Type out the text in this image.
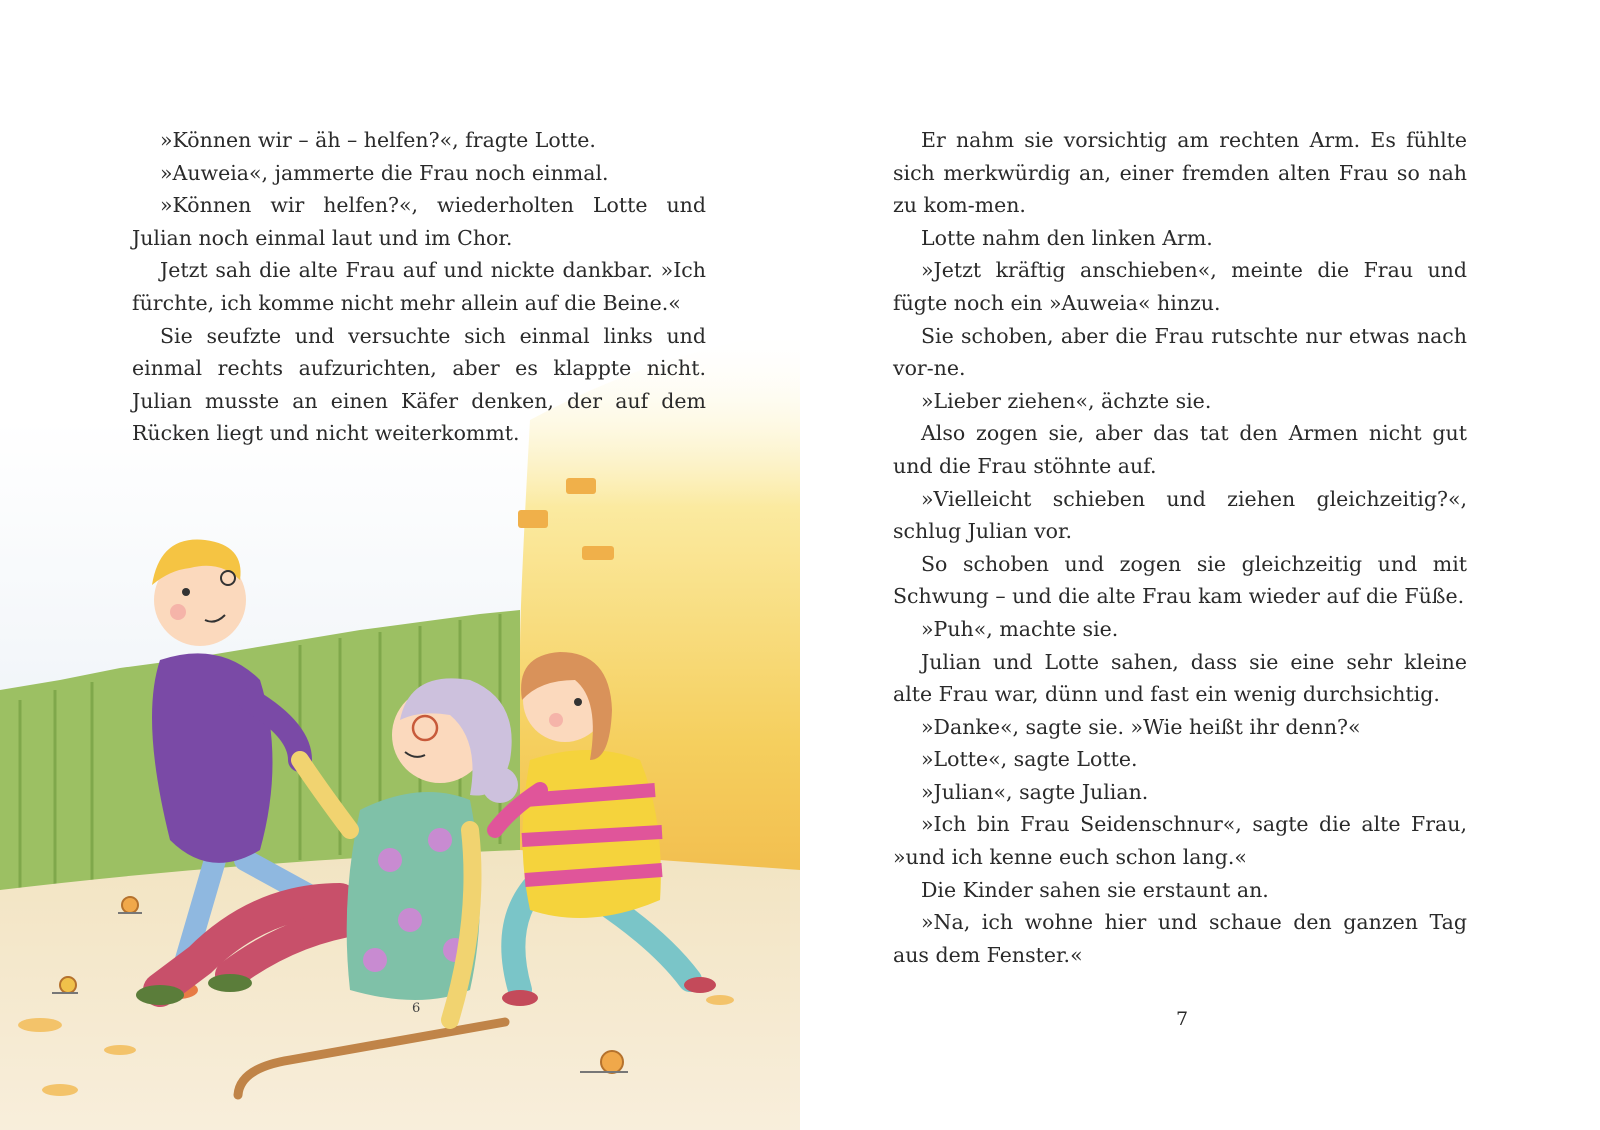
6

»Können wir – äh – helfen?«, fragte Lotte.

»Auweia«, jammerte die Frau noch einmal.

»Können wir helfen?«, wiederholten Lotte und Julian noch einmal laut und im Chor.

Jetzt sah die alte Frau auf und nickte dankbar. »Ich fürchte, ich komme nicht mehr allein auf die Beine.«

Sie seufzte und versuchte sich einmal links und einmal rechts aufzurichten, aber es klappte nicht. Julian musste an einen Käfer denken, der auf dem Rücken liegt und nicht weiterkommt.

Er nahm sie vorsichtig am rechten Arm. Es fühlte sich merkwürdig an, einer fremden alten Frau so nah zu kom-men.

Lotte nahm den linken Arm.

»Jetzt kräftig anschieben«, meinte die Frau und fügte noch ein »Auweia« hinzu.

Sie schoben, aber die Frau rutschte nur etwas nach vor-ne.

»Lieber ziehen«, ächzte sie.

Also zogen sie, aber das tat den Armen nicht gut und die Frau stöhnte auf.

»Vielleicht schieben und ziehen gleichzeitig?«, schlug Julian vor.

So schoben und zogen sie gleichzeitig und mit Schwung – und die alte Frau kam wieder auf die Füße.

»Puh«, machte sie.

Julian und Lotte sahen, dass sie eine sehr kleine alte Frau war, dünn und fast ein wenig durchsichtig.

»Danke«, sagte sie. »Wie heißt ihr denn?«

»Lotte«, sagte Lotte.

»Julian«, sagte Julian.

»Ich bin Frau Seidenschnur«, sagte die alte Frau, »und ich kenne euch schon lang.«

Die Kinder sahen sie erstaunt an.

»Na, ich wohne hier und schaue den ganzen Tag aus dem Fenster.«

7
